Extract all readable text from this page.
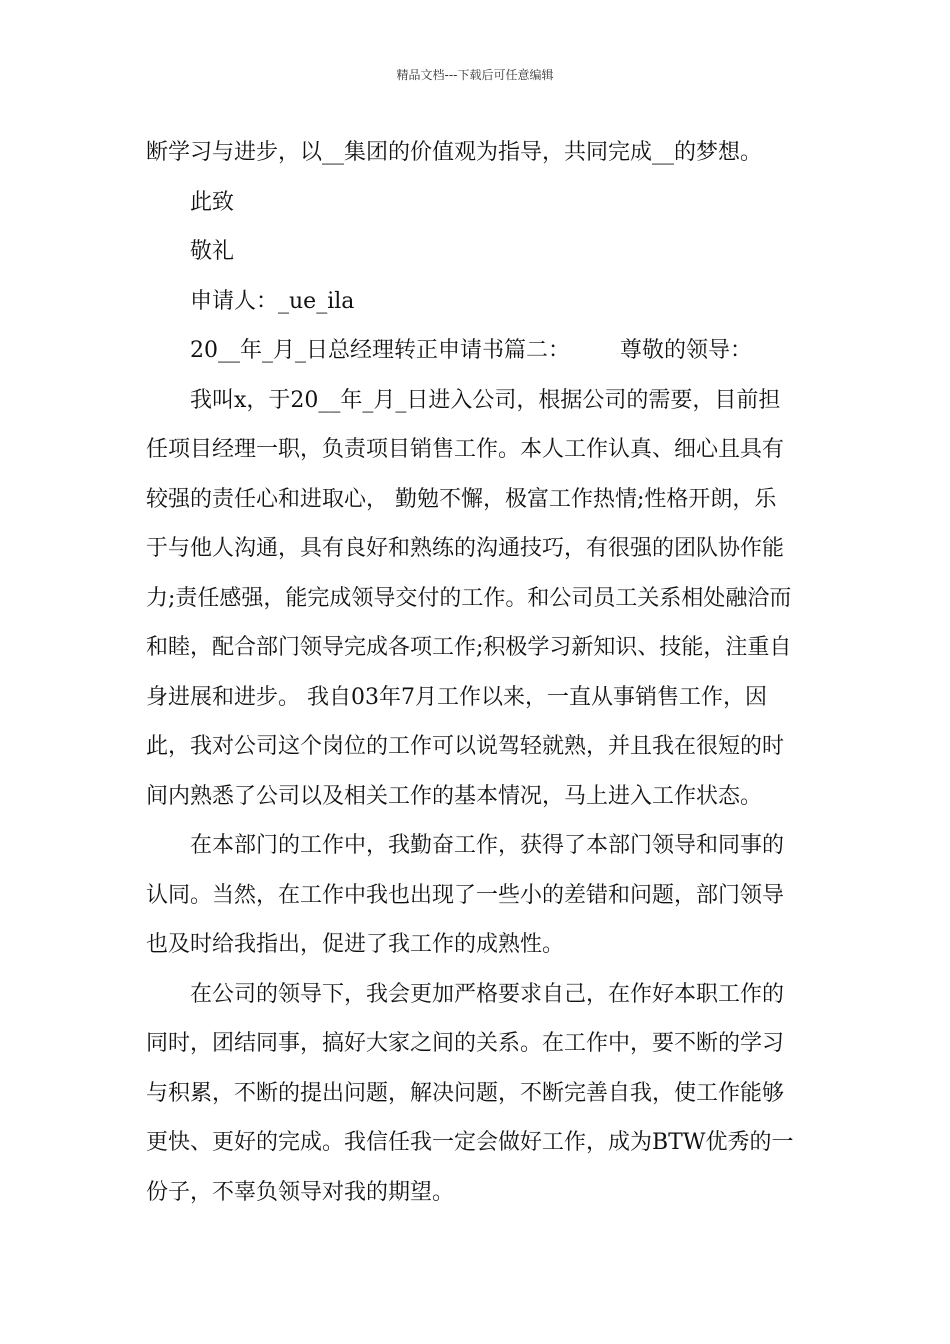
精品文档---下载后可任意编辑
断学习与进步，以__集团的价值观为指导，共同完成__的梦想。
此致
敬礼
申请人：_ue_ila
20__年_月_日总经理转正申请书篇二： 尊敬的领导：
我叫x，于20__年_月_日进入公司，根据公司的需要，目前担
任项目经理一职，负责项目销售工作。本人工作认真、细心且具有
较强的责任心和进取心， 勤勉不懈，极富工作热情;性格开朗，乐
于与他人沟通，具有良好和熟练的沟通技巧，有很强的团队协作能
力;责任感强，能完成领导交付的工作。和公司员工关系相处融洽而
和睦，配合部门领导完成各项工作;积极学习新知识、技能，注重自
身进展和进步。 我自03年7月工作以来，一直从事销售工作，因
此，我对公司这个岗位的工作可以说驾轻就熟，并且我在很短的时
间内熟悉了公司以及相关工作的基本情况，马上进入工作状态。
在本部门的工作中，我勤奋工作，获得了本部门领导和同事的
认同。当然，在工作中我也出现了一些小的差错和问题，部门领导
也及时给我指出，促进了我工作的成熟性。
在公司的领导下，我会更加严格要求自己，在作好本职工作的
同时，团结同事，搞好大家之间的关系。在工作中，要不断的学习
与积累，不断的提出问题，解决问题，不断完善自我，使工作能够
更快、更好的完成。我信任我一定会做好工作，成为BTW优秀的一
份子，不辜负领导对我的期望。
